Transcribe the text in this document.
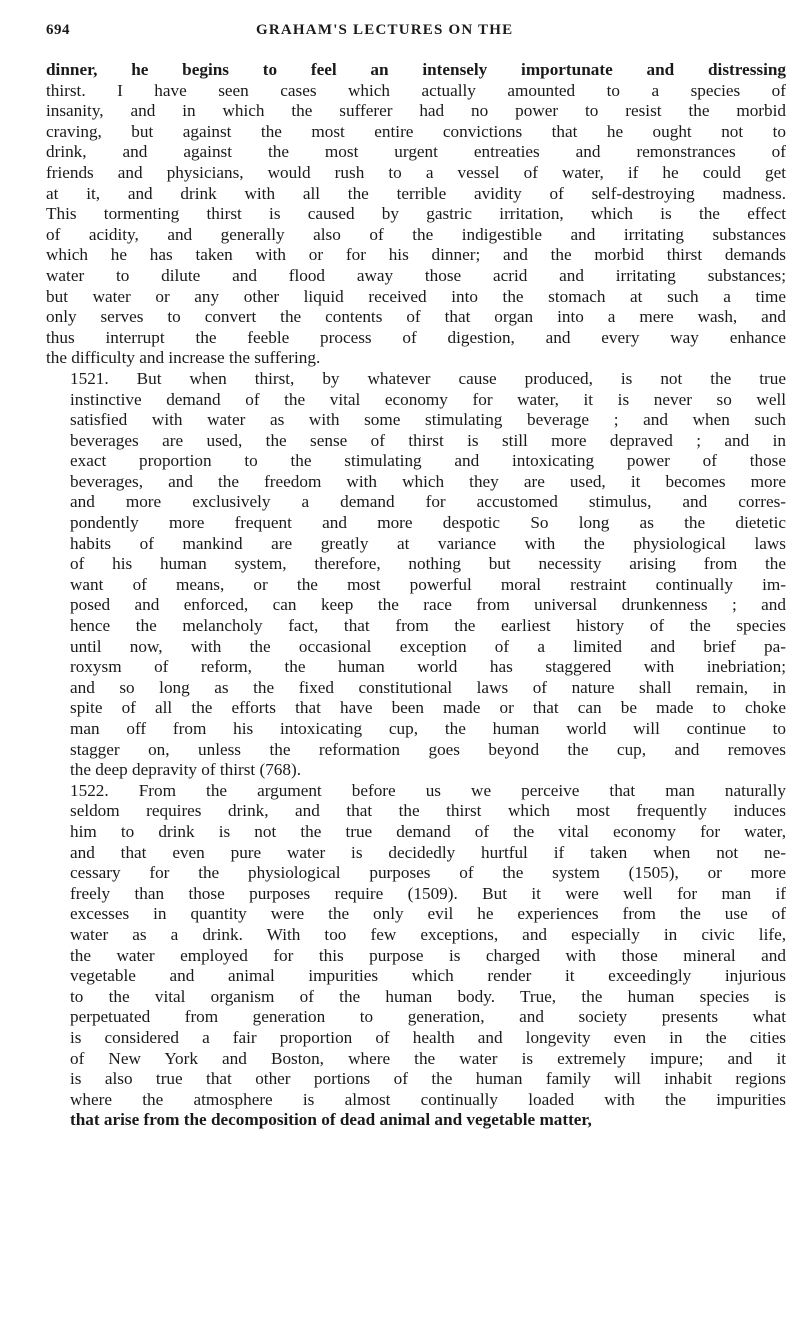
694	GRAHAM'S LECTURES ON THE

dinner, he begins to feel an intensely importunate and distressing
thirst. I have seen cases which actually amounted to a species of
insanity, and in which the sufferer had no power to resist the morbid
craving, but against the most entire convictions that he ought not to
drink, and against the most urgent entreaties and remonstrances of
friends and physicians, would rush to a vessel of water, if he could get
at it, and drink with all the terrible avidity of self-destroying madness.
This tormenting thirst is caused by gastric irritation, which is the effect
of acidity, and generally also of the indigestible and irritating substances
which he has taken with or for his dinner; and the morbid thirst demands
water to dilute and flood away those acrid and irritating substances;
but water or any other liquid received into the stomach at such a time
only serves to convert the contents of that organ into a mere wash, and
thus interrupt the feeble process of digestion, and every way enhance
the difficulty and increase the suffering.

1521. But when thirst, by whatever cause produced, is not the true
instinctive demand of the vital economy for water, it is never so well
satisfied with water as with some stimulating beverage ; and when such
beverages are used, the sense of thirst is still more depraved ; and in
exact proportion to the stimulating and intoxicating power of those
beverages, and the freedom with which they are used, it becomes more
and more exclusively a demand for accustomed stimulus, and corres-
pondently more frequent and more despotic So long as the dietetic
habits of mankind are greatly at variance with the physiological laws
of his human system, therefore, nothing but necessity arising from the
want of means, or the most powerful moral restraint continually im-
posed and enforced, can keep the race from universal drunkenness ; and
hence the melancholy fact, that from the earliest history of the species
until now, with the occasional exception of a limited and brief pa-
roxysm of reform, the human world has staggered with inebriation;
and so long as the fixed constitutional laws of nature shall remain, in
spite of all the efforts that have been made or that can be made to choke
man off from his intoxicating cup, the human world will continue to
stagger on, unless the reformation goes beyond the cup, and removes
the deep depravity of thirst (768).

1522. From the argument before us we perceive that man naturally
seldom requires drink, and that the thirst which most frequently induces
him to drink is not the true demand of the vital economy for water,
and that even pure water is decidedly hurtful if taken when not ne-
cessary for the physiological purposes of the system (1505), or more
freely than those purposes require (1509). But it were well for man if
excesses in quantity were the only evil he experiences from the use of
water as a drink. With too few exceptions, and especially in civic life,
the water employed for this purpose is charged with those mineral and
vegetable and animal impurities which render it exceedingly injurious
to the vital organism of the human body. True, the human species is
perpetuated from generation to generation, and society presents what
is considered a fair proportion of health and longevity even in the cities
of New York and Boston, where the water is extremely impure; and it
is also true that other portions of the human family will inhabit regions
where the atmosphere is almost continually loaded with the impurities
that arise from the decomposition of dead animal and vegetable matter,
